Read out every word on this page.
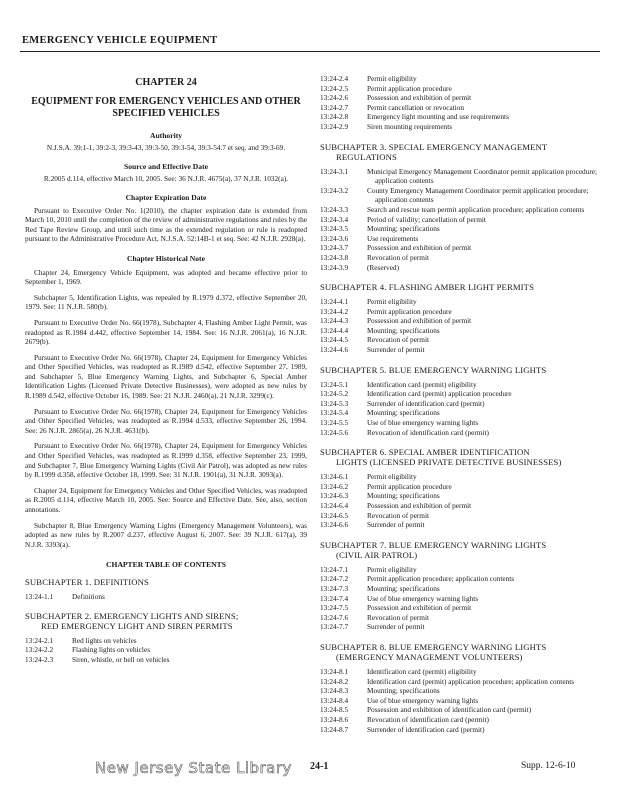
EMERGENCY VEHICLE EQUIPMENT
CHAPTER 24
EQUIPMENT FOR EMERGENCY VEHICLES AND OTHER SPECIFIED VEHICLES
Authority
N.J.S.A. 39:1-1, 39:2-3, 39:3-43, 39:3-50, 39:3-54, 39:3-54.7 et seq. and 39:3-69.
Source and Effective Date
R.2005 d.114, effective March 10, 2005. See: 36 N.J.R. 4675(a), 37 N.J.R. 1032(a).
Chapter Expiration Date
Pursuant to Executive Order No. 1(2010), the chapter expiration date is extended from March 10, 2010 until the completion of the review of administrative regulations and rules by the Red Tape Review Group, and until such time as the extended regulation or rule is readopted pursuant to the Administrative Procedure Act, N.J.S.A. 52:14B-1 et seq. See: 42 N.J.R. 2928(a).
Chapter Historical Note
Chapter 24, Emergency Vehicle Equipment, was adopted and became effective prior to September 1, 1969.
Subchapter 5, Identification Lights, was repealed by R.1979 d.372, effective September 20, 1979. See: 11 N.J.R. 580(b).
Pursuant to Executive Order No. 66(1978), Subchapter 4, Flashing Amber Light Permit, was readopted as R.1984 d.442, effective September 14, 1984. See: 16 N.J.R. 2061(a), 16 N.J.R. 2679(b).
Pursuant to Executive Order No. 66(1978), Chapter 24, Equipment for Emergency Vehicles and Other Specified Vehicles, was readopted as R.1989 d.542, effective September 27, 1989, and Subchapter 5, Blue Emergency Warning Lights, and Subchapter 6, Special Amber Identification Lights (Licensed Private Detective Businesses), were adopted as new rules by R.1989 d.542, effective October 16, 1989. See: 21 N.J.R. 2460(a), 21 N.J.R. 3299(c).
Pursuant to Executive Order No. 66(1978), Chapter 24, Equipment for Emergency Vehicles and Other Specified Vehicles, was readopted as R.1994 d.533, effective September 26, 1994. See: 26 N.J.R. 2865(a), 26 N.J.R. 4631(b).
Pursuant to Executive Order No. 66(1978), Chapter 24, Equipment for Emergency Vehicles and Other Specified Vehicles, was readopted as R.1999 d.358, effective September 23, 1999, and Subchapter 7, Blue Emergency Warning Lights (Civil Air Patrol), was adopted as new rules by R.1999 d.358, effective October 18, 1999. See: 31 N.J.R. 1901(a), 31 N.J.R. 3093(a).
Chapter 24, Equipment for Emergency Vehicles and Other Specified Vehicles, was readopted as R.2005 d.114, effective March 10, 2005. See: Source and Effective Date. See, also, section annotations.
Subchapter 8, Blue Emergency Warning Lights (Emergency Management Volunteers), was adopted as new rules by R.2007 d.237, effective August 6, 2007. See: 39 N.J.R. 617(a), 39 N.J.R. 3393(a).
CHAPTER TABLE OF CONTENTS
SUBCHAPTER 1. DEFINITIONS
13:24-1.1	Definitions
SUBCHAPTER 2. EMERGENCY LIGHTS AND SIRENS;
RED EMERGENCY LIGHT AND SIREN PERMITS
13:24-2.1	Red lights on vehicles
13:24-2.2	Flashing lights on vehicles
13:24-2.3	Siren, whistle, or bell on vehicles
13:24-2.4	Permit eligibility
13:24-2.5	Permit application procedure
13:24-2.6	Possession and exhibition of permit
13:24-2.7	Permit cancellation or revocation
13:24-2.8	Emergency light mounting and use requirements
13:24-2.9	Siren mounting requirements
SUBCHAPTER 3. SPECIAL EMERGENCY MANAGEMENT
REGULATIONS
13:24-3.1	Municipal Emergency Management Coordinator permit application procedure; application contents
13:24-3.2	County Emergency Management Coordinator permit application procedure; application contents
13:24-3.3	Search and rescue team permit application procedure; application contents
13:24-3.4	Period of validity; cancellation of permit
13:24-3.5	Mounting; specifications
13:24-3.6	Use requirements
13:24-3.7	Possession and exhibition of permit
13:24-3.8	Revocation of permit
13:24-3.9	(Reserved)
SUBCHAPTER 4. FLASHING AMBER LIGHT PERMITS
13:24-4.1	Permit eligibility
13:24-4.2	Permit application procedure
13:24-4.3	Possession and exhibition of permit
13:24-4.4	Mounting; specifications
13:24-4.5	Revocation of permit
13:24-4.6	Surrender of permit
SUBCHAPTER 5. BLUE EMERGENCY WARNING LIGHTS
13:24-5.1	Identification card (permit) eligibility
13:24-5.2	Identification card (permit) application procedure
13:24-5.3	Surrender of identification card (permit)
13:24-5.4	Mounting; specifications
13:24-5.5	Use of blue emergency warning lights
13:24-5.6	Revocation of identification card (permit)
SUBCHAPTER 6. SPECIAL AMBER IDENTIFICATION
LIGHTS (LICENSED PRIVATE DETECTIVE BUSINESSES)
13:24-6.1	Permit eligibility
13:24-6.2	Permit application procedure
13:24-6.3	Mounting; specifications
13:24-6.4	Possession and exhibition of permit
13:24-6.5	Revocation of permit
13:24-6.6	Surrender of permit
SUBCHAPTER 7. BLUE EMERGENCY WARNING LIGHTS
(CIVIL AIR PATROL)
13:24-7.1	Permit eligibility
13:24-7.2	Permit application procedure; application contents
13:24-7.3	Mounting; specifications
13:24-7.4	Use of blue emergency warning lights
13:24-7.5	Possession and exhibition of permit
13:24-7.6	Revocation of permit
13:24-7.7	Surrender of permit
SUBCHAPTER 8. BLUE EMERGENCY WARNING LIGHTS
(EMERGENCY MANAGEMENT VOLUNTEERS)
13:24-8.1	Identification card (permit) eligibility
13:24-8.2	Identification card (permit) application procedure; application contents
13:24-8.3	Mounting; specifications
13:24-8.4	Use of blue emergency warning lights
13:24-8.5	Possession and exhibition of identification card (permit)
13:24-8.6	Revocation of identification card (permit)
13:24-8.7	Surrender of identification card (permit)
New Jersey State Library 24-1	Supp. 12-6-10
